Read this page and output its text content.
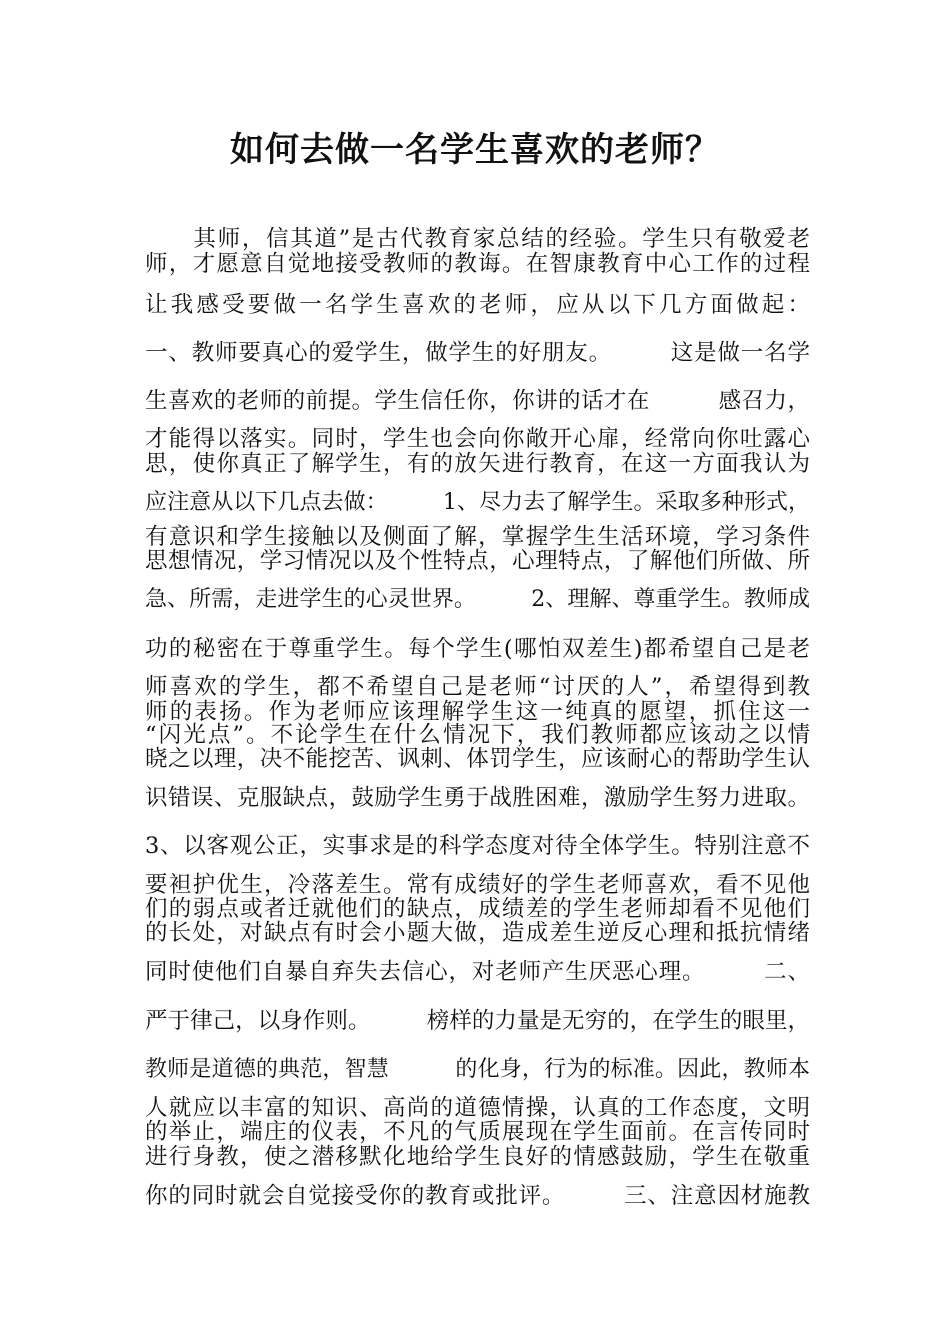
如何去做一名学生喜欢的老师？
　　其师，信其道”是古代教育家总结的经验。学生只有敬爱老
师，才愿意自觉地接受教师的教诲。在智康教育中心工作的过程
让我感受要做一名学生喜欢的老师，应从以下几方面做起：
一、教师要真心的爱学生，做学生的好朋友。　　　这是做一名学
生喜欢的老师的前提。学生信任你，你讲的话才在　　　感召力，
才能得以落实。同时，学生也会向你敞开心扉，经常向你吐露心
思，使你真正了解学生，有的放矢进行教育，在这一方面我认为
应注意从以下几点去做：　　　1、尽力去了解学生。采取多种形式，
有意识和学生接触以及侧面了解，掌握学生生活环境，学习条件
思想情况，学习情况以及个性特点，心理特点，了解他们所做、所
急、所需，走进学生的心灵世界。　　　2、理解、尊重学生。教师成
功的秘密在于尊重学生。每个学生(哪怕双差生)都希望自己是老
师喜欢的学生，都不希望自己是老师“讨厌的人”，希望得到教
师的表扬。作为老师应该理解学生这一纯真的愿望，抓住这一
“闪光点”。不论学生在什么情况下，我们教师都应该动之以情
晓之以理，决不能挖苦、讽刺、体罚学生，应该耐心的帮助学生认
识错误、克服缺点，鼓励学生勇于战胜困难，激励学生努力进取。
3、以客观公正，实事求是的科学态度对待全体学生。特别注意不
要袒护优生，冷落差生。常有成绩好的学生老师喜欢，看不见他
们的弱点或者迁就他们的缺点，成绩差的学生老师却看不见他们
的长处，对缺点有时会小题大做，造成差生逆反心理和抵抗情绪
同时使他们自暴自弃失去信心，对老师产生厌恶心理。　　　二、
严于律己，以身作则。　　　榜样的力量是无穷的，在学生的眼里，
教师是道德的典范，智慧　　　的化身，行为的标准。因此，教师本
人就应以丰富的知识、高尚的道德情操，认真的工作态度，文明
的举止，端庄的仪表，不凡的气质展现在学生面前。在言传同时
进行身教，使之潜移默化地给学生良好的情感鼓励，学生在敬重
你的同时就会自觉接受你的教育或批评。　　　三、注意因材施教
